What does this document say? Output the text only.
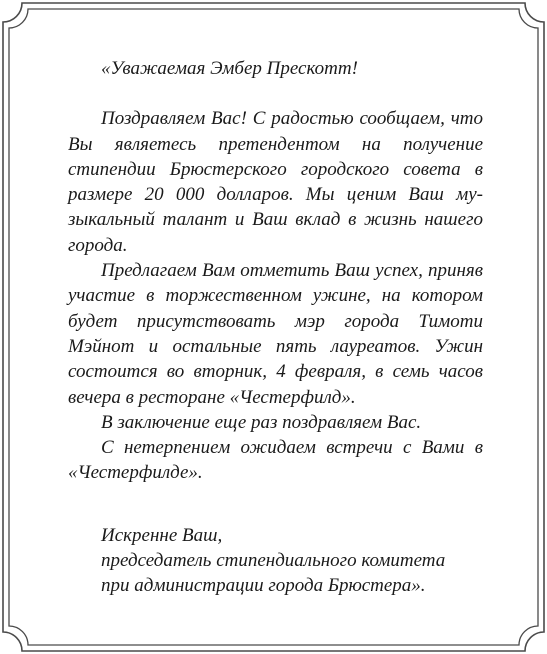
«Уважаемая Эмбер Прескотт!

Поздравляем Вас! С радостью сообщаем, что Вы являетесь претендентом на получение стипендии Брюстерского городского совета в размере 20 000 долларов. Мы ценим Ваш музыкальный талант и Ваш вклад в жизнь нашего города.

Предлагаем Вам отметить Ваш успех, приняв участие в торжественном ужине, на котором будет присутствовать мэр города Тимоти Мэйнот и остальные пять лауреатов. Ужин состоится во вторник, 4 февраля, в семь часов вечера в ресторане «Честерфилд».

В заключение еще раз поздравляем Вас.

С нетерпением ожидаем встречи с Вами в «Честерфилде».

Искренне Ваш,
председатель стипендиального комитета
при администрации города Брюстера».
